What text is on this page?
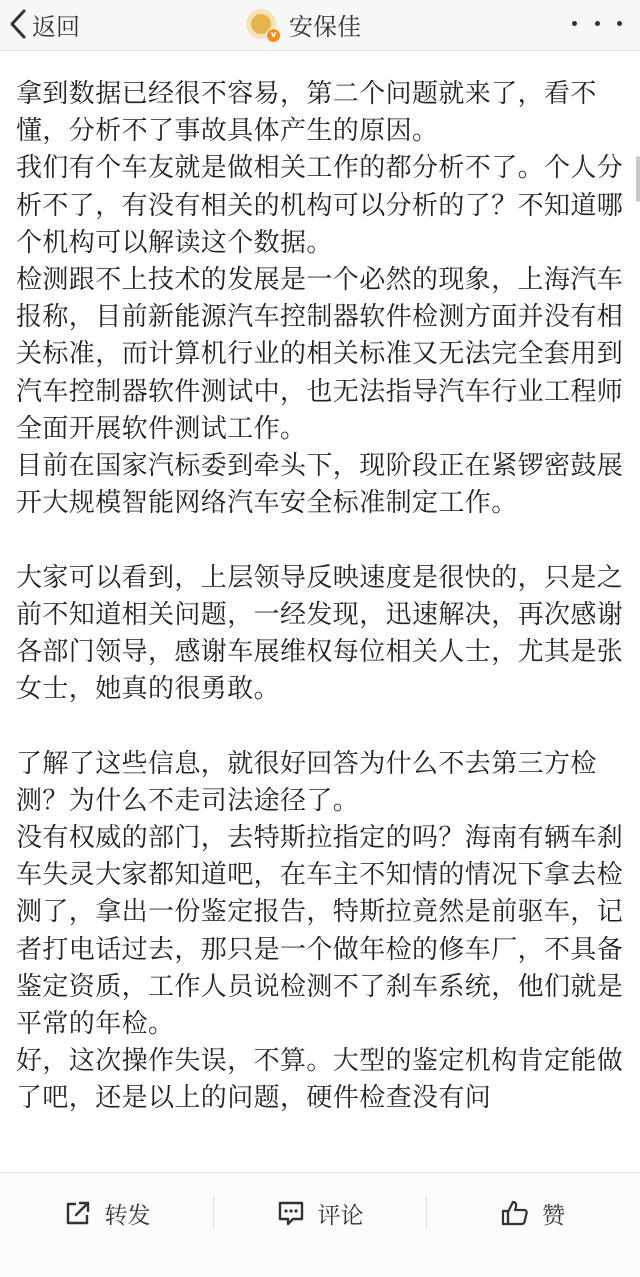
返回	v 安保佳

拿到数据已经很不容易，第二个问题就来了，看不懂，分析不了事故具体产生的原因。

我们有个车友就是做相关工作的都分析不了。个人分析不了，有没有相关的机构可以分析的了？不知道哪个机构可以解读这个数据。

检测跟不上技术的发展是一个必然的现象，上海汽车报称，目前新能源汽车控制器软件检测方面并没有相关标准，而计算机行业的相关标准又无法完全套用到汽车控制器软件测试中，也无法指导汽车行业工程师全面开展软件测试工作。

目前在国家汽标委到牵头下，现阶段正在紧锣密鼓展开大规模智能网络汽车安全标准制定工作。

大家可以看到，上层领导反映速度是很快的，只是之前不知道相关问题，一经发现，迅速解决，再次感谢各部门领导，感谢车展维权每位相关人士，尤其是张女士，她真的很勇敢。

了解了这些信息，就很好回答为什么不去第三方检测？为什么不走司法途径了。

没有权威的部门，去特斯拉指定的吗？海南有辆车刹车失灵大家都知道吧，在车主不知情的情况下拿去检测了，拿出一份鉴定报告，特斯拉竟然是前驱车，记者打电话过去，那只是一个做年检的修车厂，不具备鉴定资质，工作人员说检测不了刹车系统，他们就是平常的年检。

好，这次操作失误，不算。大型的鉴定机构肯定能做了吧，还是以上的问题，硬件检查没有问

转发	评论	赞
